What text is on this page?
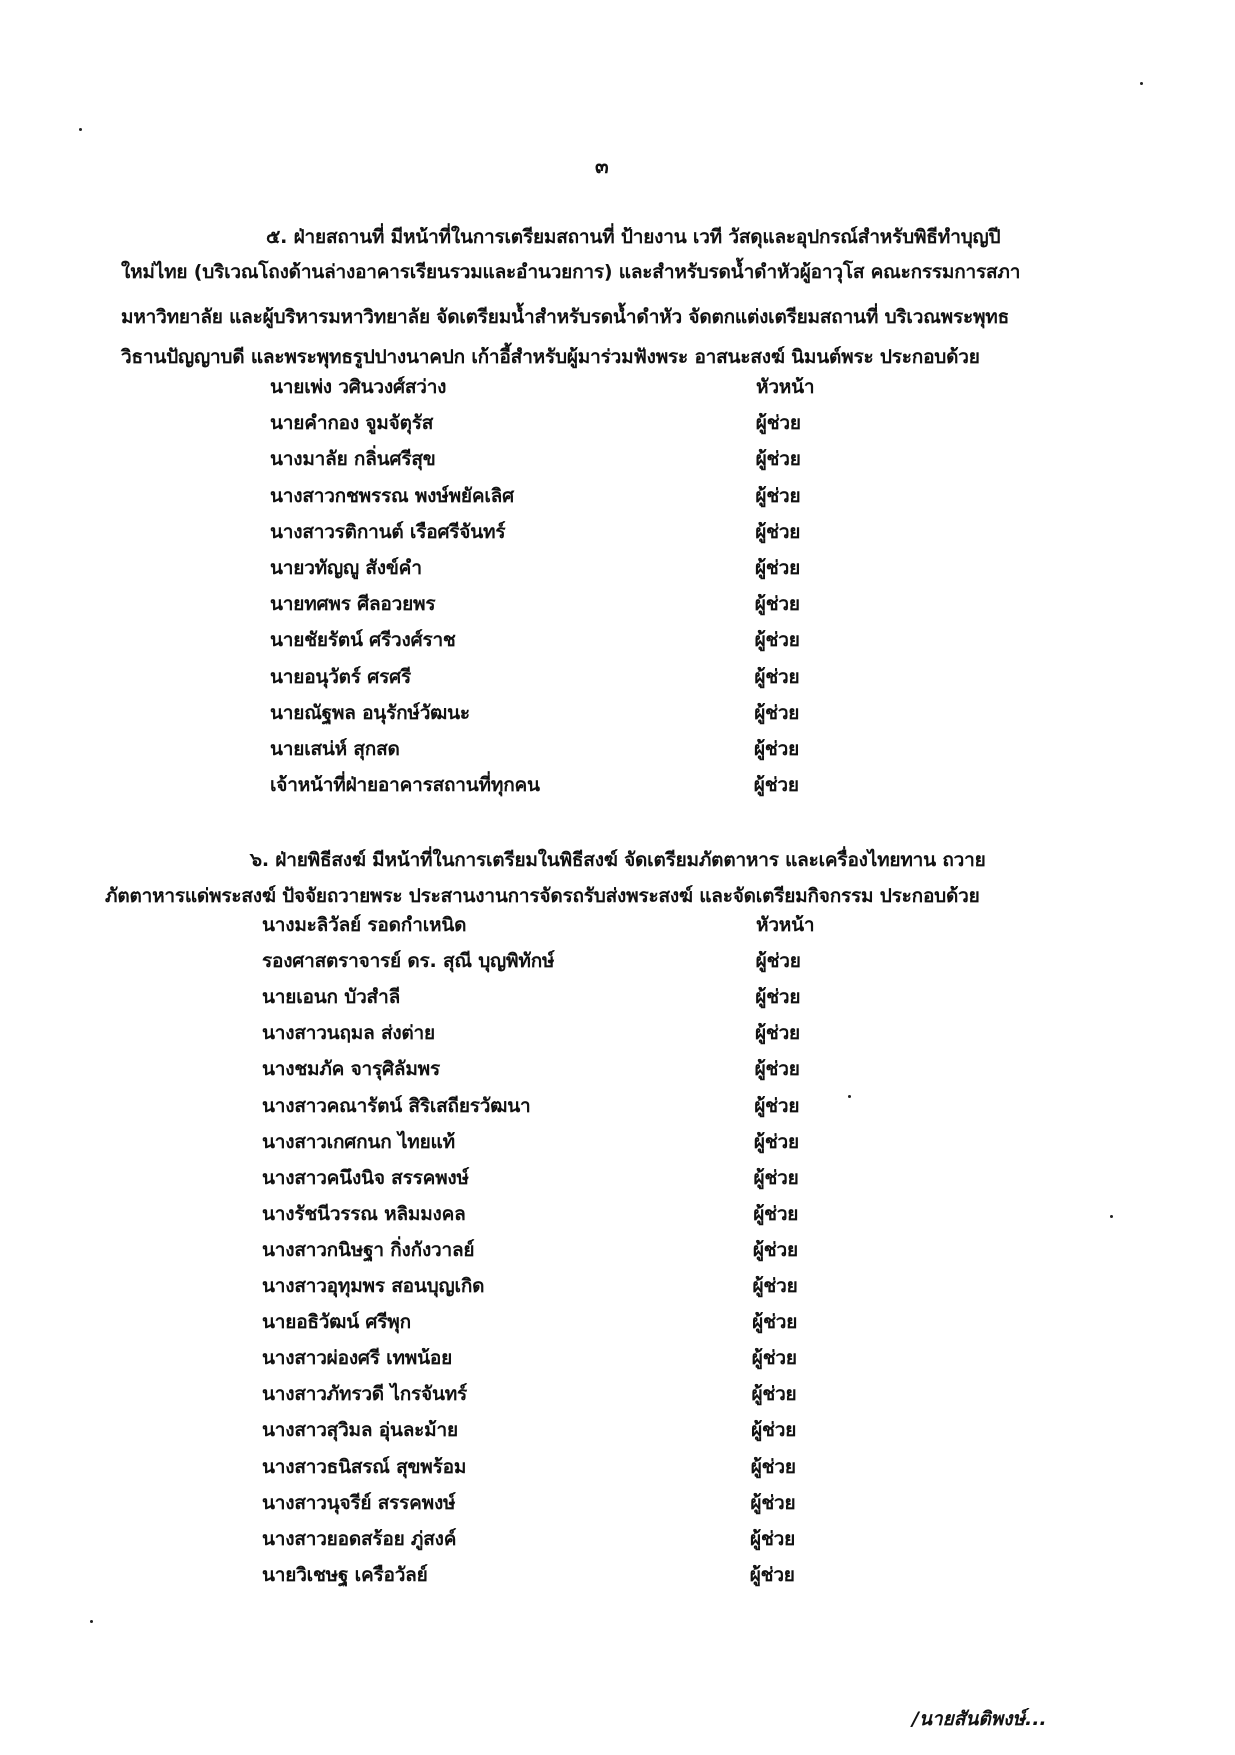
๓
๕. ฝ่ายสถานที่ มีหน้าที่ในการเตรียมสถานที่ ป้ายงาน เวที วัสดุและอุปกรณ์สำหรับพิธีทำบุญปี
ใหม่ไทย (บริเวณโถงด้านล่างอาคารเรียนรวมและอำนวยการ) และสำหรับรดน้ำดำหัวผู้อาวุโส คณะกรรมการสภา
มหาวิทยาลัย และผู้บริหารมหาวิทยาลัย จัดเตรียมน้ำสำหรับรดน้ำดำหัว จัดตกแต่งเตรียมสถานที่ บริเวณพระพุทธ
วิธานปัญญาบดี และพระพุทธรูปปางนาคปก เก้าอี้สำหรับผู้มาร่วมฟังพระ อาสนะสงฆ์ นิมนต์พระ ประกอบด้วย
นายเพ่ง วศินวงศ์สว่าง	หัวหน้า
นายคำกอง จูมจัตุรัส	ผู้ช่วย
นางมาลัย กลิ่นศรีสุข	ผู้ช่วย
นางสาวกชพรรณ พงษ์พยัคเลิศ	ผู้ช่วย
นางสาวรติกานต์ เรือศรีจันทร์	ผู้ช่วย
นายวทัญญู สังข์คำ	ผู้ช่วย
นายทศพร ศีลอวยพร	ผู้ช่วย
นายชัยรัตน์ ศรีวงศ์ราช	ผู้ช่วย
นายอนุวัตร์ ศรศรี	ผู้ช่วย
นายณัฐพล อนุรักษ์วัฒนะ	ผู้ช่วย
นายเสน่ห์ สุกสด	ผู้ช่วย
เจ้าหน้าที่ฝ่ายอาคารสถานที่ทุกคน	ผู้ช่วย
๖. ฝ่ายพิธีสงฆ์ มีหน้าที่ในการเตรียมในพิธีสงฆ์ จัดเตรียมภัตตาหาร และเครื่องไทยทาน ถวาย
ภัตตาหารแด่พระสงฆ์ ปัจจัยถวายพระ ประสานงานการจัดรถรับส่งพระสงฆ์ และจัดเตรียมกิจกรรม ประกอบด้วย
นางมะลิวัลย์ รอดกำเหนิด	หัวหน้า
รองศาสตราจารย์ ดร. สุณี บุญพิทักษ์	ผู้ช่วย
นายเอนก บัวสำลี	ผู้ช่วย
นางสาวนฤมล ส่งต่าย	ผู้ช่วย
นางชมภัค จารุศิลัมพร	ผู้ช่วย
นางสาวคณารัตน์ สิริเสถียรวัฒนา	ผู้ช่วย
นางสาวเกศกนก ไทยแท้	ผู้ช่วย
นางสาวคนึงนิจ สรรคพงษ์	ผู้ช่วย
นางรัชนีวรรณ หลิมมงคล	ผู้ช่วย
นางสาวกนิษฐา กิ่งกังวาลย์	ผู้ช่วย
นางสาวอุทุมพร สอนบุญเกิด	ผู้ช่วย
นายอธิวัฒน์ ศรีพุก	ผู้ช่วย
นางสาวผ่องศรี เทพน้อย	ผู้ช่วย
นางสาวภัทรวดี ไกรจันทร์	ผู้ช่วย
นางสาวสุวิมล อุ่นละม้าย	ผู้ช่วย
นางสาวธนิสรณ์ สุขพร้อม	ผู้ช่วย
นางสาวนุจรีย์ สรรคพงษ์	ผู้ช่วย
นางสาวยอดสร้อย ภู่สงค์	ผู้ช่วย
นายวิเชษฐ เครือวัลย์	ผู้ช่วย
/นายสันติพงษ์...
